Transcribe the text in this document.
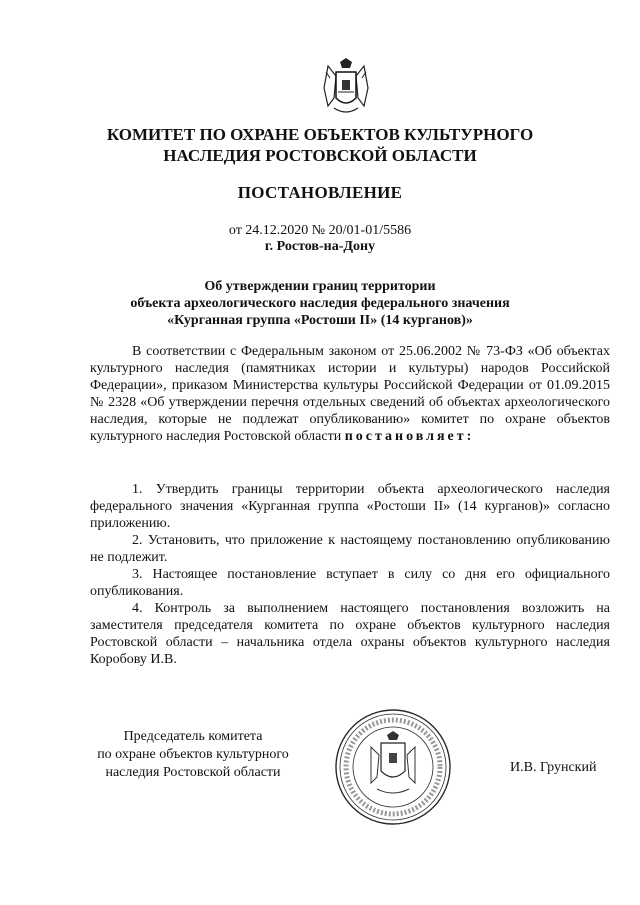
КОМИТЕТ ПО ОХРАНЕ ОБЪЕКТОВ КУЛЬТУРНОГО
НАСЛЕДИЯ РОСТОВСКОЙ ОБЛАСТИ
ПОСТАНОВЛЕНИЕ
от 24.12.2020 № 20/01-01/5586
г. Ростов-на-Дону
Об утверждении границ территории
объекта археологического наследия федерального значения
«Курганная группа «Ростоши II» (14 курганов)»

В соответствии с Федеральным законом от 25.06.2002 № 73-ФЗ «Об объектах культурного наследия (памятниках истории и культуры) народов Российской Федерации», приказом Министерства культуры Российской Федерации от 01.09.2015 № 2328 «Об утверждении перечня отдельных сведений об объектах археологического наследия, которые не подлежат опубликованию» комитет по охране объектов культурного наследия Ростовской области постановляет:

1. Утвердить границы территории объекта археологического наследия федерального значения «Курганная группа «Ростоши II» (14 курганов)» согласно приложению.

2. Установить, что приложение к настоящему постановлению опубликованию не подлежит.

3. Настоящее постановление вступает в силу со дня его официального опубликования.

4. Контроль за выполнением настоящего постановления возложить на заместителя председателя комитета по охране объектов культурного наследия Ростовской области – начальника отдела охраны объектов культурного наследия Коробову И.В.

Председатель комитета
по охране объектов культурного
наследия Ростовской области	И.В. Грунский
